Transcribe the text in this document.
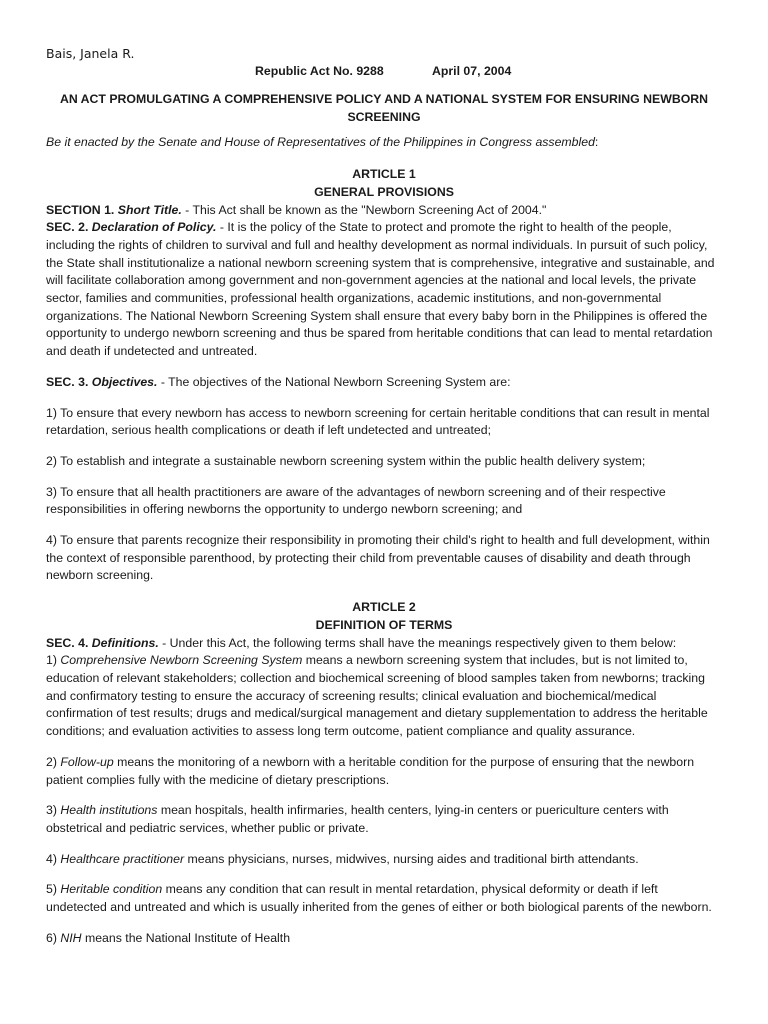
Bais, Janela R.
Republic Act No. 9288	April 07, 2004
AN ACT PROMULGATING A COMPREHENSIVE POLICY AND A NATIONAL SYSTEM FOR ENSURING NEWBORN SCREENING

Be it enacted by the Senate and House of Representatives of the Philippines in Congress assembled:

ARTICLE 1
GENERAL PROVISIONS

SECTION 1. Short Title. - This Act shall be known as the "Newborn Screening Act of 2004."

SEC. 2. Declaration of Policy. - It is the policy of the State to protect and promote the right to health of the people, including the rights of children to survival and full and healthy development as normal individuals. In pursuit of such policy, the State shall institutionalize a national newborn screening system that is comprehensive, integrative and sustainable, and will facilitate collaboration among government and non-government agencies at the national and local levels, the private sector, families and communities, professional health organizations, academic institutions, and non-governmental organizations. The National Newborn Screening System shall ensure that every baby born in the Philippines is offered the opportunity to undergo newborn screening and thus be spared from heritable conditions that can lead to mental retardation and death if undetected and untreated.

SEC. 3. Objectives. - The objectives of the National Newborn Screening System are:

1) To ensure that every newborn has access to newborn screening for certain heritable conditions that can result in mental retardation, serious health complications or death if left undetected and untreated;

2) To establish and integrate a sustainable newborn screening system within the public health delivery system;

3) To ensure that all health practitioners are aware of the advantages of newborn screening and of their respective responsibilities in offering newborns the opportunity to undergo newborn screening; and

4) To ensure that parents recognize their responsibility in promoting their child's right to health and full development, within the context of responsible parenthood, by protecting their child from preventable causes of disability and death through newborn screening.

ARTICLE 2
DEFINITION OF TERMS

SEC. 4. Definitions. - Under this Act, the following terms shall have the meanings respectively given to them below:

1) Comprehensive Newborn Screening System means a newborn screening system that includes, but is not limited to, education of relevant stakeholders; collection and biochemical screening of blood samples taken from newborns; tracking and confirmatory testing to ensure the accuracy of screening results; clinical evaluation and biochemical/medical confirmation of test results; drugs and medical/surgical management and dietary supplementation to address the heritable conditions; and evaluation activities to assess long term outcome, patient compliance and quality assurance.

2) Follow-up means the monitoring of a newborn with a heritable condition for the purpose of ensuring that the newborn patient complies fully with the medicine of dietary prescriptions.

3) Health institutions mean hospitals, health infirmaries, health centers, lying-in centers or puericulture centers with obstetrical and pediatric services, whether public or private.

4) Healthcare practitioner means physicians, nurses, midwives, nursing aides and traditional birth attendants.

5) Heritable condition means any condition that can result in mental retardation, physical deformity or death if left undetected and untreated and which is usually inherited from the genes of either or both biological parents of the newborn.

6) NIH means the National Institute of Health
